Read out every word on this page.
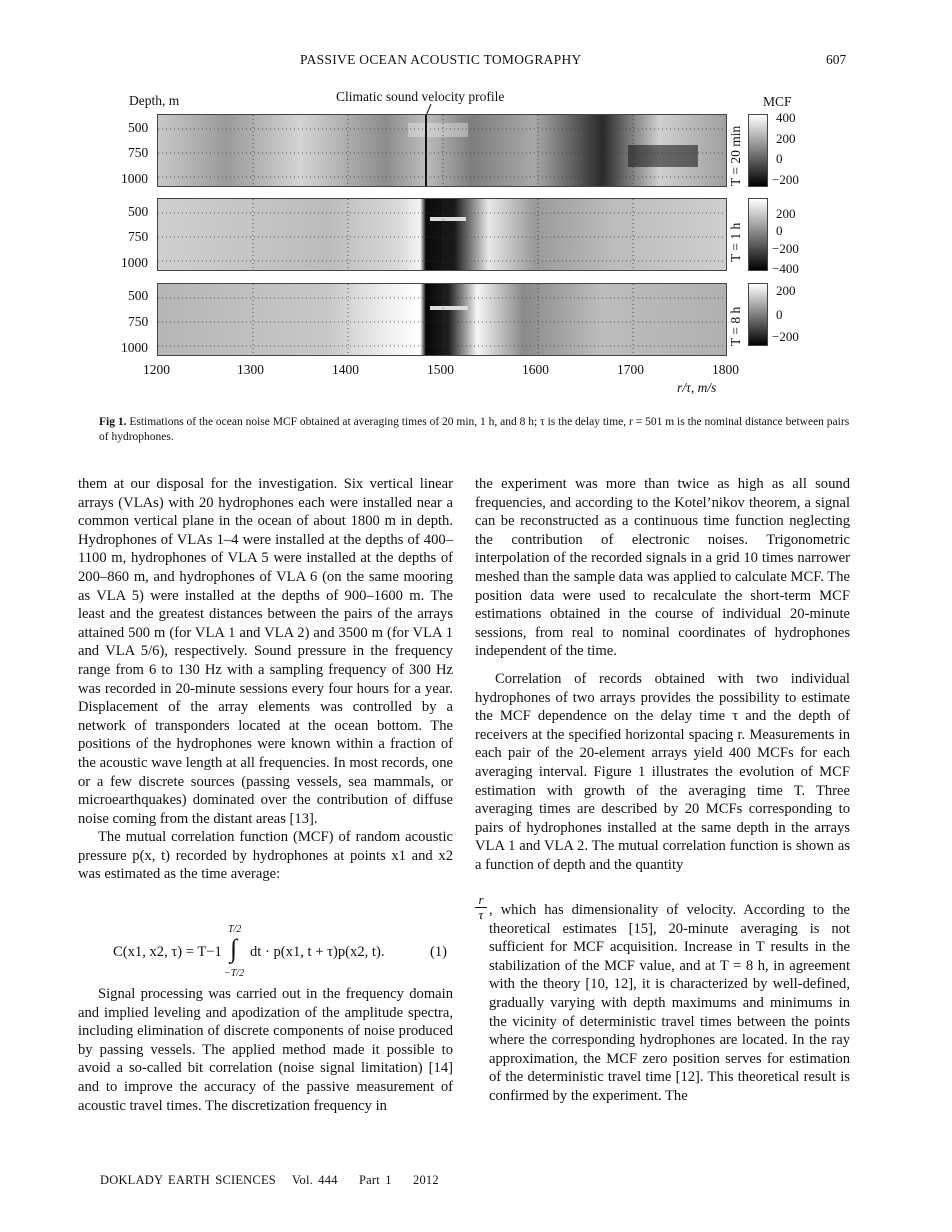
PASSIVE OCEAN ACOUSTIC TOMOGRAPHY	607
Depth, m	Climatic sound velocity profile	MCF
500
750
1000
500
750
1000
500
750
1000
1200	1300	1400	1500	1600	1700	1800
r/τ, m/s
T = 20 min
T = 1 h
T = 8 h
400
200
0
−200
200
0
−200
−400
200
0
−200
Fig 1. Estimations of the ocean noise MCF obtained at averaging times of 20 min, 1 h, and 8 h; τ is the delay time, r = 501 m is the nominal distance between pairs of hydrophones.

them at our disposal for the investigation. Six vertical linear arrays (VLAs) with 20 hydrophones each were installed near a common vertical plane in the ocean of about 1800 m in depth. Hydrophones of VLAs 1–4 were installed at the depths of 400–1100 m, hydrophones of VLA 5 were installed at the depths of 200–860 m, and hydrophones of VLA 6 (on the same mooring as VLA 5) were installed at the depths of 900–1600 m. The least and the greatest distances between the pairs of the arrays attained 500 m (for VLA 1 and VLA 2) and 3500 m (for VLA 1 and VLA 5/6), respectively. Sound pressure in the frequency range from 6 to 130 Hz with a sampling frequency of 300 Hz was recorded in 20-minute sessions every four hours for a year. Displacement of the array elements was controlled by a network of transponders located at the ocean bottom. The positions of the hydrophones were known within a fraction of the acoustic wave length at all frequencies. In most records, one or a few discrete sources (passing vessels, sea mammals, or microearthquakes) dominated over the contribution of diffuse noise coming from the distant areas [13].

The mutual correlation function (MCF) of random acoustic pressure p(x, t) recorded by hydrophones at points x1 and x2 was estimated as the time average:

T/2
C(x1, x2, τ) = T−1 ∫ dt · p(x1, t + τ)p(x2, t).
−T/2
(1)

Signal processing was carried out in the frequency domain and implied leveling and apodization of the amplitude spectra, including elimination of discrete components of noise produced by passing vessels. The applied method made it possible to avoid a so-called bit correlation (noise signal limitation) [14] and to improve the accuracy of the passive measurement of acoustic travel times. The discretization frequency in

the experiment was more than twice as high as all sound frequencies, and according to the Kotel’nikov theorem, a signal can be reconstructed as a continuous time function neglecting the contribution of electronic noises. Trigonometric interpolation of the recorded signals in a grid 10 times narrower meshed than the sample data was applied to calculate MCF. The position data were used to recalculate the short-term MCF estimations obtained in the course of individual 20-minute sessions, from real to nominal coordinates of hydrophones independent of the time.

Correlation of records obtained with two individual hydrophones of two arrays provides the possibility to estimate the MCF dependence on the delay time τ and the depth of receivers at the specified horizontal spacing r. Measurements in each pair of the 20-element arrays yield 400 MCFs for each averaging interval. Figure 1 illustrates the evolution of MCF estimation with growth of the averaging time T. Three averaging times are described by 20 MCFs corresponding to pairs of hydrophones installed at the same depth in the arrays VLA 1 and VLA 2. The mutual correlation function is shown as a function of depth and the quantity

$\frac{r}{\tau}$ , which has dimensionality of velocity. According to the theoretical estimates [15], 20-minute averaging is not sufficient for MCF acquisition. Increase in T results in the stabilization of the MCF value, and at T = 8 h, in agreement with the theory [10, 12], it is characterized by well-defined, gradually varying with depth maximums and minimums in the vicinity of deterministic travel times between the points where the corresponding hydrophones are located. In the ray approximation, the MCF zero position serves for estimation of the deterministic travel time [12]. This theoretical result is confirmed by the experiment. The

DOKLADY EARTH SCIENCES Vol. 444 Part 1 2012
